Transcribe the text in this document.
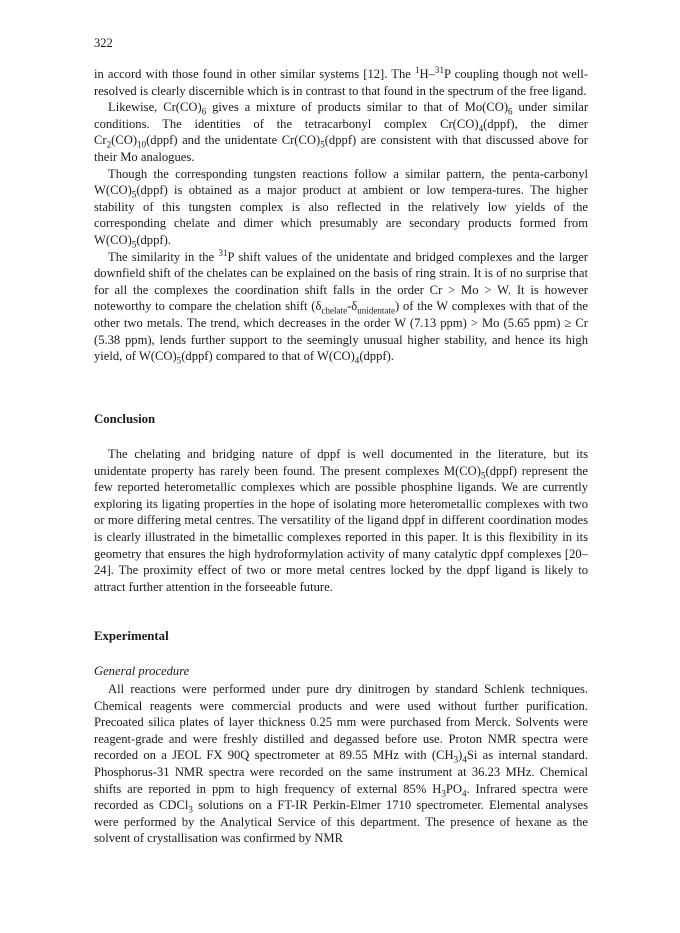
322

in accord with those found in other similar systems [12]. The $^1$H–$^{31}$P coupling though not well-resolved is clearly discernible which is in contrast to that found in the spectrum of the free ligand.

Likewise, $Cr(CO)_6$ gives a mixture of products similar to that of $Mo(CO)_6$ under similar conditions. The identities of the tetracarbonyl complex $Cr(CO)_4(dppf)$, the dimer $Cr_2(CO)_{10}(dppf)$ and the unidentate $Cr(CO)_5(dppf)$ are consistent with that discussed above for their Mo analogues.

Though the corresponding tungsten reactions follow a similar pattern, the penta-carbonyl $W(CO)_5(dppf)$ is obtained as a major product at ambient or low tempera-tures. The higher stability of this tungsten complex is also reflected in the relatively low yields of the corresponding chelate and dimer which presumably are secondary products formed from $W(CO)_5(dppf)$.

The similarity in the $^{31}$P shift values of the unidentate and bridged complexes and the larger downfield shift of the chelates can be explained on the basis of ring strain. It is of no surprise that for all the complexes the coordination shift falls in the order Cr > Mo > W. It is however noteworthy to compare the chelation shift $(\delta_{chelate}-\delta_{unidentate})$ of the W complexes with that of the other two metals. The trend, which decreases in the order W (7.13 ppm) > Mo (5.65 ppm) ≥ Cr (5.38 ppm), lends further support to the seemingly unusual higher stability, and hence its high yield, of $W(CO)_5(dppf)$ compared to that of $W(CO)_4(dppf)$.

Conclusion

The chelating and bridging nature of dppf is well documented in the literature, but its unidentate property has rarely been found. The present complexes $M(CO)_5(dppf)$ represent the few reported heterometallic complexes which are possible phosphine ligands. We are currently exploring its ligating properties in the hope of isolating more heterometallic complexes with two or more differing metal centres. The versatility of the ligand dppf in different coordination modes is clearly illustrated in the bimetallic complexes reported in this paper. It is this flexibility in its geometry that ensures the high hydroformylation activity of many catalytic dppf complexes [20–24]. The proximity effect of two or more metal centres locked by the dppf ligand is likely to attract further attention in the forseeable future.

Experimental
General procedure

All reactions were performed under pure dry dinitrogen by standard Schlenk techniques. Chemical reagents were commercial products and were used without further purification. Precoated silica plates of layer thickness 0.25 mm were purchased from Merck. Solvents were reagent-grade and were freshly distilled and degassed before use. Proton NMR spectra were recorded on a JEOL FX 90Q spectrometer at 89.55 MHz with $(CH_3)_4Si$ as internal standard. Phosphorus-31 NMR spectra were recorded on the same instrument at 36.23 MHz. Chemical shifts are reported in ppm to high frequency of external 85% $H_3PO_4$. Infrared spectra were recorded as CDCl$_3$ solutions on a FT-IR Perkin-Elmer 1710 spectrometer. Elemental analyses were performed by the Analytical Service of this department. The presence of hexane as the solvent of crystallisation was confirmed by NMR
